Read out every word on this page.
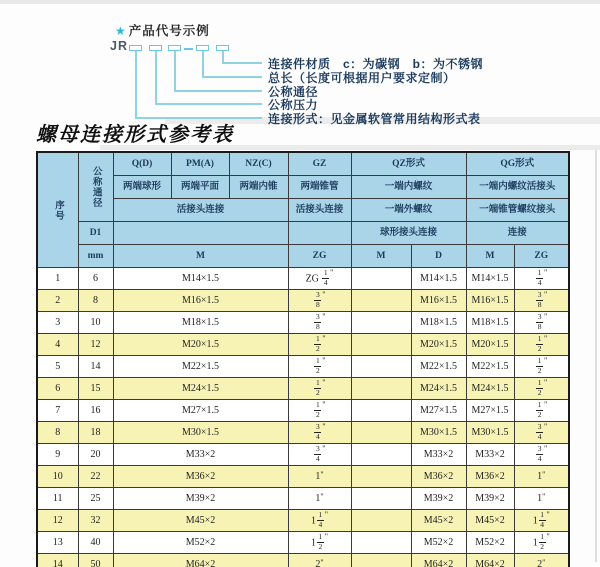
★ 产品代号示例
JR
连接件材质　c：为碳钢　b：为不锈钢
总长（长度可根据用户要求定制）
公称通径
公称压力
连接形式：见金属软管常用结构形式表
螺母连接形式参考表
序号	公称通径	Q(D)	PM(A)	NZ(C)	GZ	QZ形式		QG形式	
		两端球形	两端平面	两端内锥	两端锥管	一端内螺纹		一端内螺纹活接头	
		活接头连接			活接头连接	一端外螺纹		一端锥管螺纹接头	
	D1					球形接头连接		连接	
	mm	M			ZG	M	D	M	ZG
1	6	M14×1.5			ZG $\frac{1}{4} ^"$		M14×1.5	M14×1.5	$\frac{1}{4} ^"$
2	8	M16×1.5			$\frac{3}{8} ^"$		M16×1.5	M16×1.5	$\frac{3}{8} ^"$
3	10	M18×1.5			$\frac{3}{8} ^"$		M18×1.5	M18×1.5	$\frac{3}{8} ^"$
4	12	M20×1.5			$\frac{1}{2} ^"$		M20×1.5	M20×1.5	$\frac{1}{2} ^"$
5	14	M22×1.5			$\frac{1}{2} ^"$		M22×1.5	M22×1.5	$\frac{1}{2} ^"$
6	15	M24×1.5			$\frac{1}{2} ^"$		M24×1.5	M24×1.5	$\frac{1}{2} ^"$
7	16	M27×1.5			$\frac{1}{2} ^"$		M27×1.5	M27×1.5	$\frac{1}{2} ^"$
8	18	M30×1.5			$\frac{3}{4} ^"$		M30×1.5	M30×1.5	$\frac{3}{4} ^"$
9	20	M33×2			$\frac{3}{4} ^"$		M33×2	M33×2	$\frac{3}{4} ^"$
10	22	M36×2			1"		M36×2	M36×2	1"
11	25	M39×2			1"		M39×2	M39×2	1"
12	32	M45×2			$1 \frac{1}{4} ^"$		M45×2	M45×2	$1 \frac{1}{4} ^"$
13	40	M52×2			$1 \frac{1}{2} ^"$		M52×2	M52×2	$1 \frac{1}{2} ^"$
14	50	M64×2			2"		M64×2	M64×2	2"
